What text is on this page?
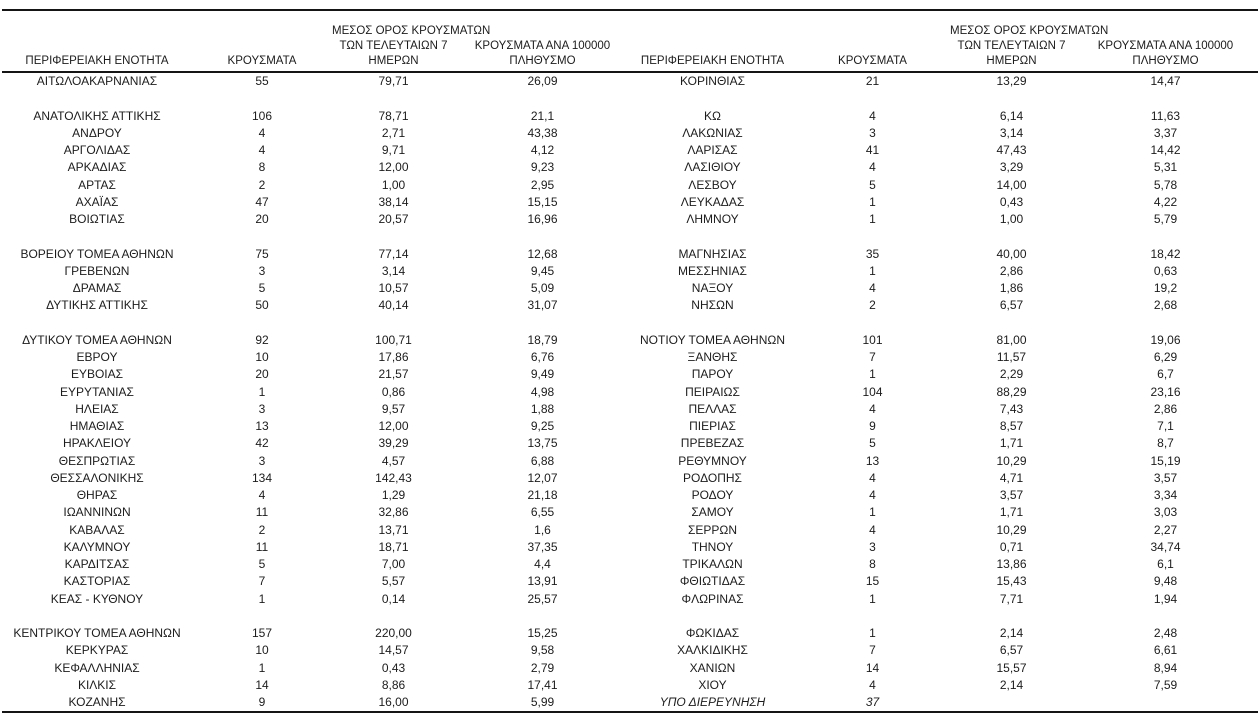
ΠΕΡΙΦΕΡΕΙΑΚΗ ΕΝΟΤΗΤΑ	ΚΡΟΥΣΜΑΤΑ	ΜΕΣΟΣ ΟΡΟΣ ΚΡΟΥΣΜΑΤΩΝ
ΤΩΝ ΤΕΛΕΥΤΑΙΩΝ 7
ΗΜΕΡΩΝ	ΚΡΟΥΣΜΑΤΑ ΑΝΑ 100000
ΠΛΗΘΥΣΜΟ
ΑΙΤΩΛΟΑΚΑΡΝΑΝΙΑΣ	55	79,71	26,09

ΑΝΑΤΟΛΙΚΗΣ ΑΤΤΙΚΗΣ	106	78,71	21,1
ΑΝΔΡΟΥ	4	2,71	43,38
ΑΡΓΟΛΙΔΑΣ	4	9,71	4,12
ΑΡΚΑΔΙΑΣ	8	12,00	9,23
ΑΡΤΑΣ	2	1,00	2,95
ΑΧΑΪΑΣ	47	38,14	15,15
ΒΟΙΩΤΙΑΣ	20	20,57	16,96

ΒΟΡΕΙΟΥ ΤΟΜΕΑ ΑΘΗΝΩΝ	75	77,14	12,68
ΓΡΕΒΕΝΩΝ	3	3,14	9,45
ΔΡΑΜΑΣ	5	10,57	5,09
ΔΥΤΙΚΗΣ ΑΤΤΙΚΗΣ	50	40,14	31,07

ΔΥΤΙΚΟΥ ΤΟΜΕΑ ΑΘΗΝΩΝ	92	100,71	18,79
ΕΒΡΟΥ	10	17,86	6,76
ΕΥΒΟΙΑΣ	20	21,57	9,49
ΕΥΡΥΤΑΝΙΑΣ	1	0,86	4,98
ΗΛΕΙΑΣ	3	9,57	1,88
ΗΜΑΘΙΑΣ	13	12,00	9,25
ΗΡΑΚΛΕΙΟΥ	42	39,29	13,75
ΘΕΣΠΡΩΤΙΑΣ	3	4,57	6,88
ΘΕΣΣΑΛΟΝΙΚΗΣ	134	142,43	12,07
ΘΗΡΑΣ	4	1,29	21,18
ΙΩΑΝΝΙΝΩΝ	11	32,86	6,55
ΚΑΒΑΛΑΣ	2	13,71	1,6
ΚΑΛΥΜΝΟΥ	11	18,71	37,35
ΚΑΡΔΙΤΣΑΣ	5	7,00	4,4
ΚΑΣΤΟΡΙΑΣ	7	5,57	13,91
ΚΕΑΣ - ΚΥΘΝΟΥ	1	0,14	25,57

ΚΕΝΤΡΙΚΟΥ ΤΟΜΕΑ ΑΘΗΝΩΝ	157	220,00	15,25
ΚΕΡΚΥΡΑΣ	10	14,57	9,58
ΚΕΦΑΛΛΗΝΙΑΣ	1	0,43	2,79
ΚΙΛΚΙΣ	14	8,86	17,41
ΚΟΖΑΝΗΣ	9	16,00	5,99
ΠΕΡΙΦΕΡΕΙΑΚΗ ΕΝΟΤΗΤΑ	ΚΡΟΥΣΜΑΤΑ	ΜΕΣΟΣ ΟΡΟΣ ΚΡΟΥΣΜΑΤΩΝ
ΤΩΝ ΤΕΛΕΥΤΑΙΩΝ 7
ΗΜΕΡΩΝ	ΚΡΟΥΣΜΑΤΑ ΑΝΑ 100000
ΠΛΗΘΥΣΜΟ
ΚΟΡΙΝΘΙΑΣ	21	13,29	14,47

ΚΩ	4	6,14	11,63
ΛΑΚΩΝΙΑΣ	3	3,14	3,37
ΛΑΡΙΣΑΣ	41	47,43	14,42
ΛΑΣΙΘΙΟΥ	4	3,29	5,31
ΛΕΣΒΟΥ	5	14,00	5,78
ΛΕΥΚΑΔΑΣ	1	0,43	4,22
ΛΗΜΝΟΥ	1	1,00	5,79

ΜΑΓΝΗΣΙΑΣ	35	40,00	18,42
ΜΕΣΣΗΝΙΑΣ	1	2,86	0,63
ΝΑΞΟΥ	4	1,86	19,2
ΝΗΣΩΝ	2	6,57	2,68

ΝΟΤΙΟΥ ΤΟΜΕΑ ΑΘΗΝΩΝ	101	81,00	19,06
ΞΑΝΘΗΣ	7	11,57	6,29
ΠΑΡΟΥ	1	2,29	6,7
ΠΕΙΡΑΙΩΣ	104	88,29	23,16
ΠΕΛΛΑΣ	4	7,43	2,86
ΠΙΕΡΙΑΣ	9	8,57	7,1
ΠΡΕΒΕΖΑΣ	5	1,71	8,7
ΡΕΘΥΜΝΟΥ	13	10,29	15,19
ΡΟΔΟΠΗΣ	4	4,71	3,57
ΡΟΔΟΥ	4	3,57	3,34
ΣΑΜΟΥ	1	1,71	3,03
ΣΕΡΡΩΝ	4	10,29	2,27
ΤΗΝΟΥ	3	0,71	34,74
ΤΡΙΚΑΛΩΝ	8	13,86	6,1
ΦΘΙΩΤΙΔΑΣ	15	15,43	9,48
ΦΛΩΡΙΝΑΣ	1	7,71	1,94

ΦΩΚΙΔΑΣ	1	2,14	2,48
ΧΑΛΚΙΔΙΚΗΣ	7	6,57	6,61
ΧΑΝΙΩΝ	14	15,57	8,94
ΧΙΟΥ	4	2,14	7,59
ΥΠΟ ΔΙΕΡΕΥΝΗΣΗ	37		
